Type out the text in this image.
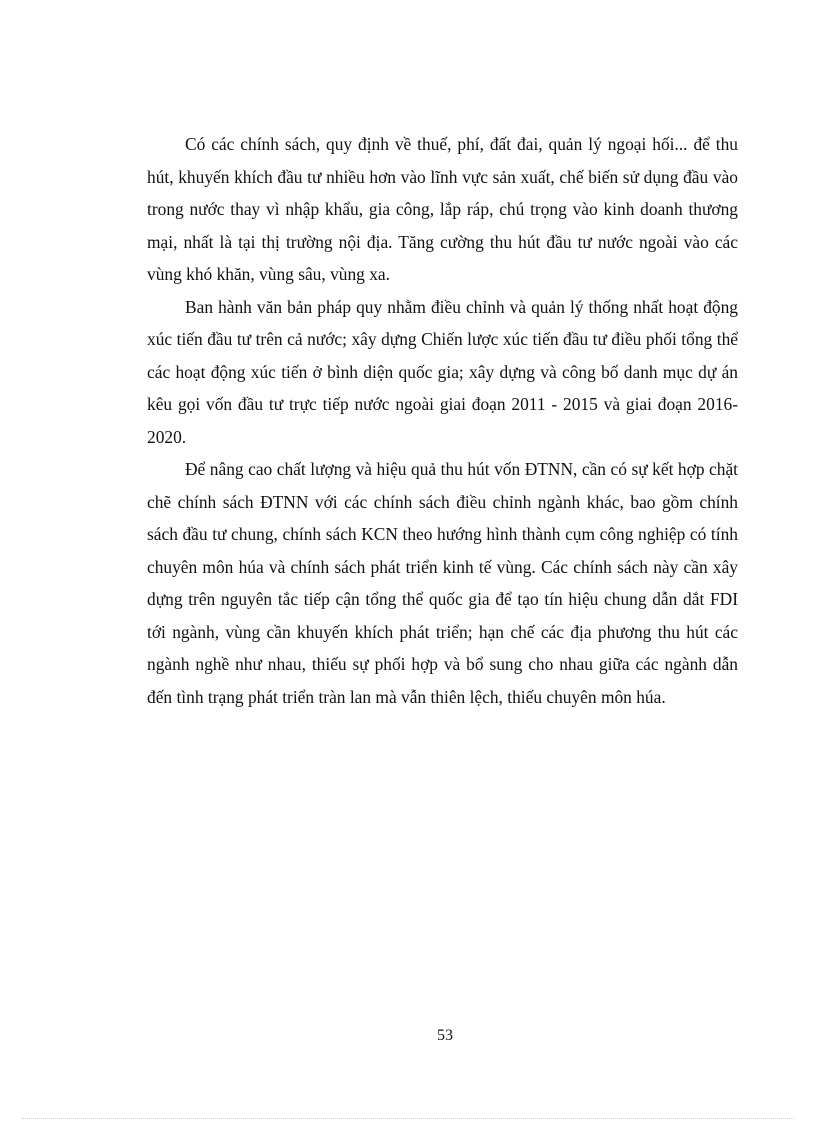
Có các chính sách, quy định về thuế, phí, đất đai, quản lý ngoại hối... để thu hút, khuyến khích đầu tư nhiều hơn vào lĩnh vực sản xuất, chế biến sử dụng đầu vào trong nước thay vì nhập khẩu, gia công, lắp ráp, chú trọng vào kinh doanh thương mại, nhất là tại thị trường nội địa. Tăng cường thu hút đầu tư nước ngoài vào các vùng khó khăn, vùng sâu, vùng xa.

Ban hành văn bản pháp quy nhằm điều chỉnh và quản lý thống nhất hoạt động xúc tiến đầu tư trên cả nước; xây dựng Chiến lược xúc tiến đầu tư điều phối tổng thể các hoạt động xúc tiến ở bình diện quốc gia; xây dựng và công bố danh mục dự án kêu gọi vốn đầu tư trực tiếp nước ngoài giai đoạn 2011 - 2015 và giai đoạn 2016-2020.

Để nâng cao chất lượng và hiệu quả thu hút vốn ĐTNN, cần có sự kết hợp chặt chẽ chính sách ĐTNN với các chính sách điều chỉnh ngành khác, bao gồm chính sách đầu tư chung, chính sách KCN theo hướng hình thành cụm công nghiệp có tính chuyên môn húa và chính sách phát triển kinh tế vùng. Các chính sách này cần xây dựng trên nguyên tắc tiếp cận tổng thể quốc gia để tạo tín hiệu chung dẫn dắt FDI tới ngành, vùng cần khuyến khích phát triển; hạn chế các địa phương thu hút các ngành nghề như nhau, thiếu sự phối hợp và bổ sung cho nhau giữa các ngành dẫn đến tình trạng phát triển tràn lan mà vẫn thiên lệch, thiếu chuyên môn húa.

53
